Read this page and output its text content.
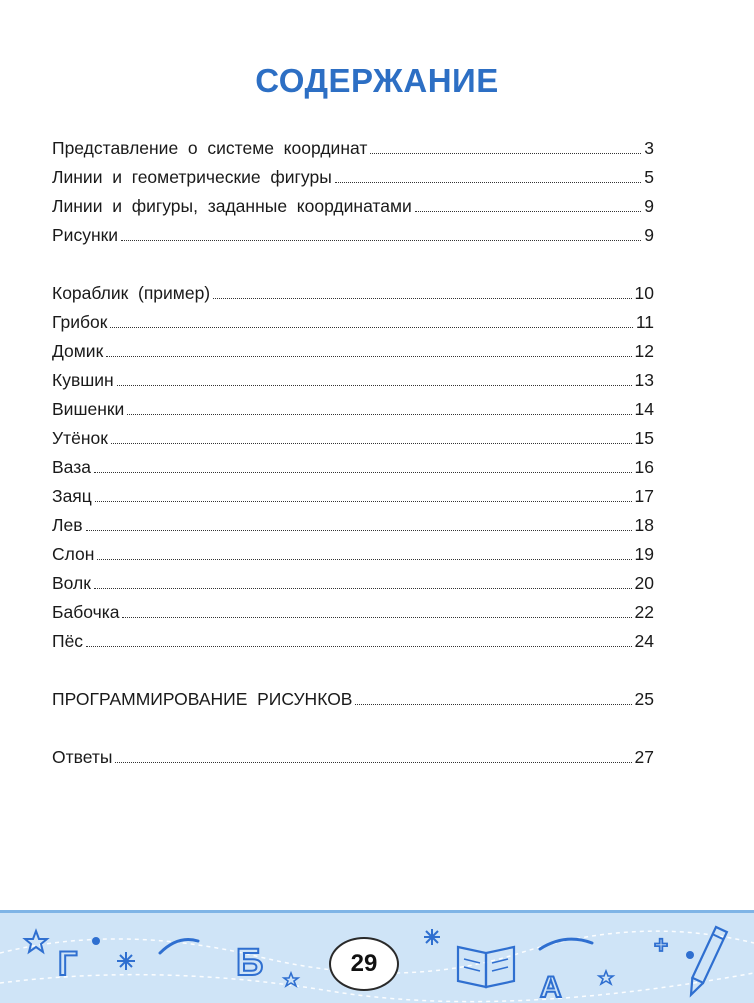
СОДЕРЖАНИЕ
Представление  о  системе  координат	3
Линии  и  геометрические  фигуры	5
Линии  и  фигуры,  заданные  координатами	9
Рисунки	9
Кораблик  (пример)	10
Грибок	11
Домик	12
Кувшин	13
Вишенки	14
Утёнок	15
Ваза	16
Заяц	17
Лев	18
Слон	19
Волк	20
Бабочка	22
Пёс	24
ПРОГРАММИРОВАНИЕ  РИСУНКОВ	25
Ответы	27
Г	Б
А
+
29
